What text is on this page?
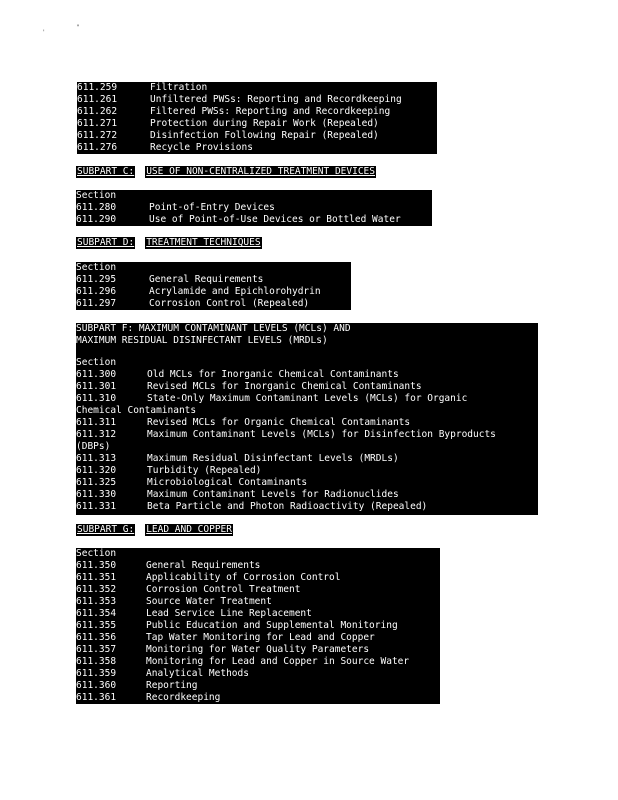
'
"
611.259	Filtration
611.261	Unfiltered PWSs: Reporting and Recordkeeping
611.262	Filtered PWSs: Reporting and Recordkeeping
611.271	Protection during Repair Work (Repealed)
611.272	Disinfection Following Repair (Repealed)
611.276	Recycle Provisions
SUBPART C: USE OF NON-CENTRALIZED TREATMENT DEVICES
Section
611.280	Point-of-Entry Devices
611.290	Use of Point-of-Use Devices or Bottled Water
SUBPART D: TREATMENT TECHNIQUES
Section
611.295	General Requirements
611.296	Acrylamide and Epichlorohydrin
611.297	Corrosion Control (Repealed)
SUBPART F: MAXIMUM CONTAMINANT LEVELS (MCLs) AND
MAXIMUM RESIDUAL DISINFECTANT LEVELS (MRDLs)
Section
611.300	Old MCLs for Inorganic Chemical Contaminants
611.301	Revised MCLs for Inorganic Chemical Contaminants
611.310	State-Only Maximum Contaminant Levels (MCLs) for Organic
Chemical Contaminants
611.311	Revised MCLs for Organic Chemical Contaminants
611.312	Maximum Contaminant Levels (MCLs) for Disinfection Byproducts
(DBPs)
611.313	Maximum Residual Disinfectant Levels (MRDLs)
611.320	Turbidity (Repealed)
611.325	Microbiological Contaminants
611.330	Maximum Contaminant Levels for Radionuclides
611.331	Beta Particle and Photon Radioactivity (Repealed)
SUBPART G: LEAD AND COPPER
Section
611.350	General Requirements
611.351	Applicability of Corrosion Control
611.352	Corrosion Control Treatment
611.353	Source Water Treatment
611.354	Lead Service Line Replacement
611.355	Public Education and Supplemental Monitoring
611.356	Tap Water Monitoring for Lead and Copper
611.357	Monitoring for Water Quality Parameters
611.358	Monitoring for Lead and Copper in Source Water
611.359	Analytical Methods
611.360	Reporting
611.361	Recordkeeping
